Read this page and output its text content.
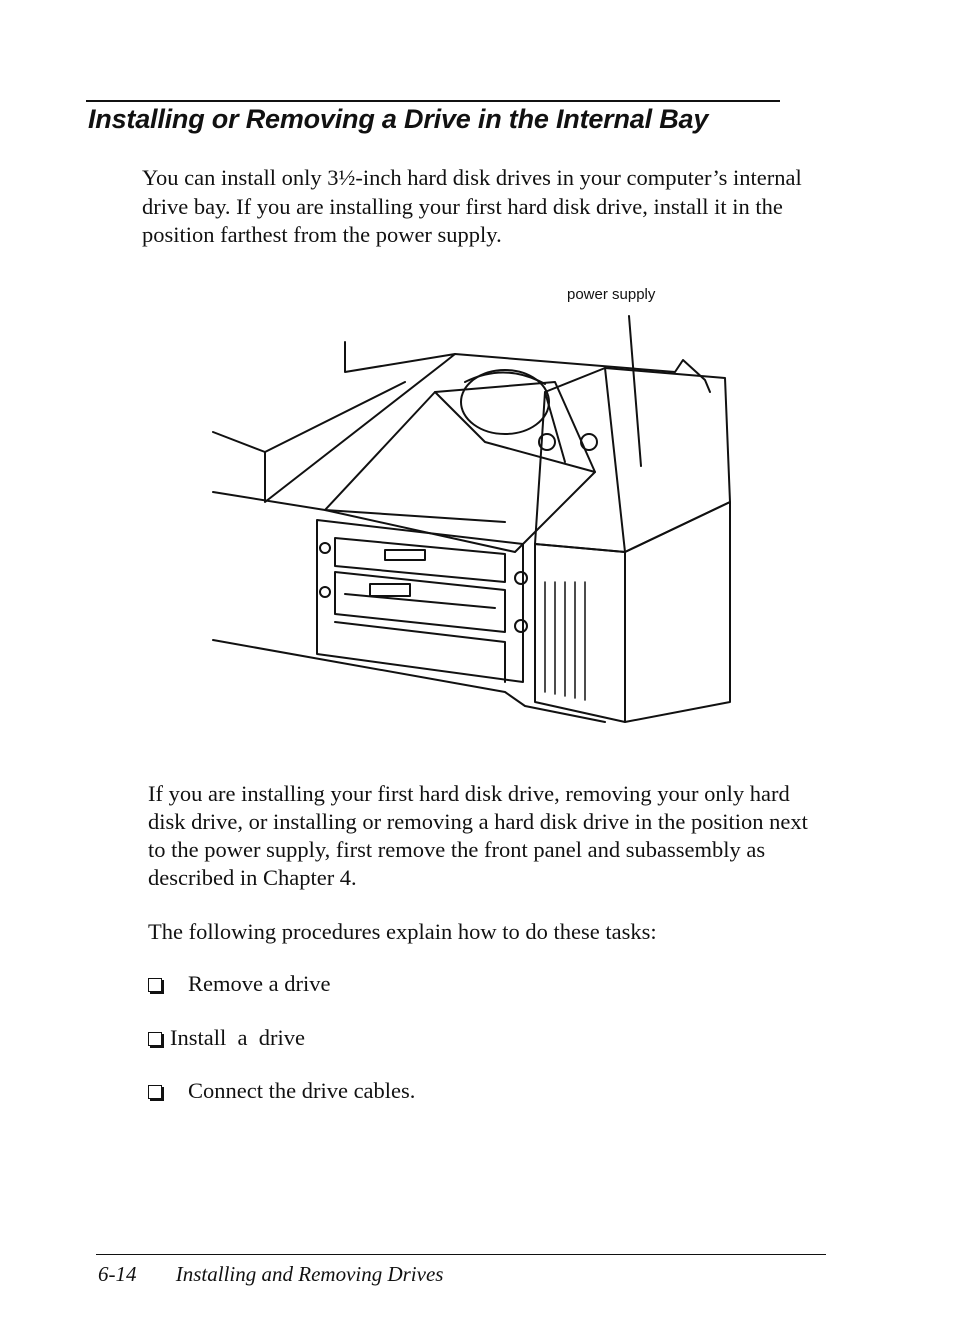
Installing or Removing a Drive in the Internal Bay

You can install only 3½-inch hard disk drives in your computer’s internal drive bay. If you are installing your first hard disk drive, install it in the position farthest from the power supply.

power supply

If you are installing your first hard disk drive, removing your only hard disk drive, or installing or removing a hard disk drive in the position next to the power supply, first remove the front panel and subassembly as described in Chapter 4.

The following procedures explain how to do these tasks:

Remove a drive
Install  a  drive
Connect the drive cables.
6-14 Installing and Removing Drives
